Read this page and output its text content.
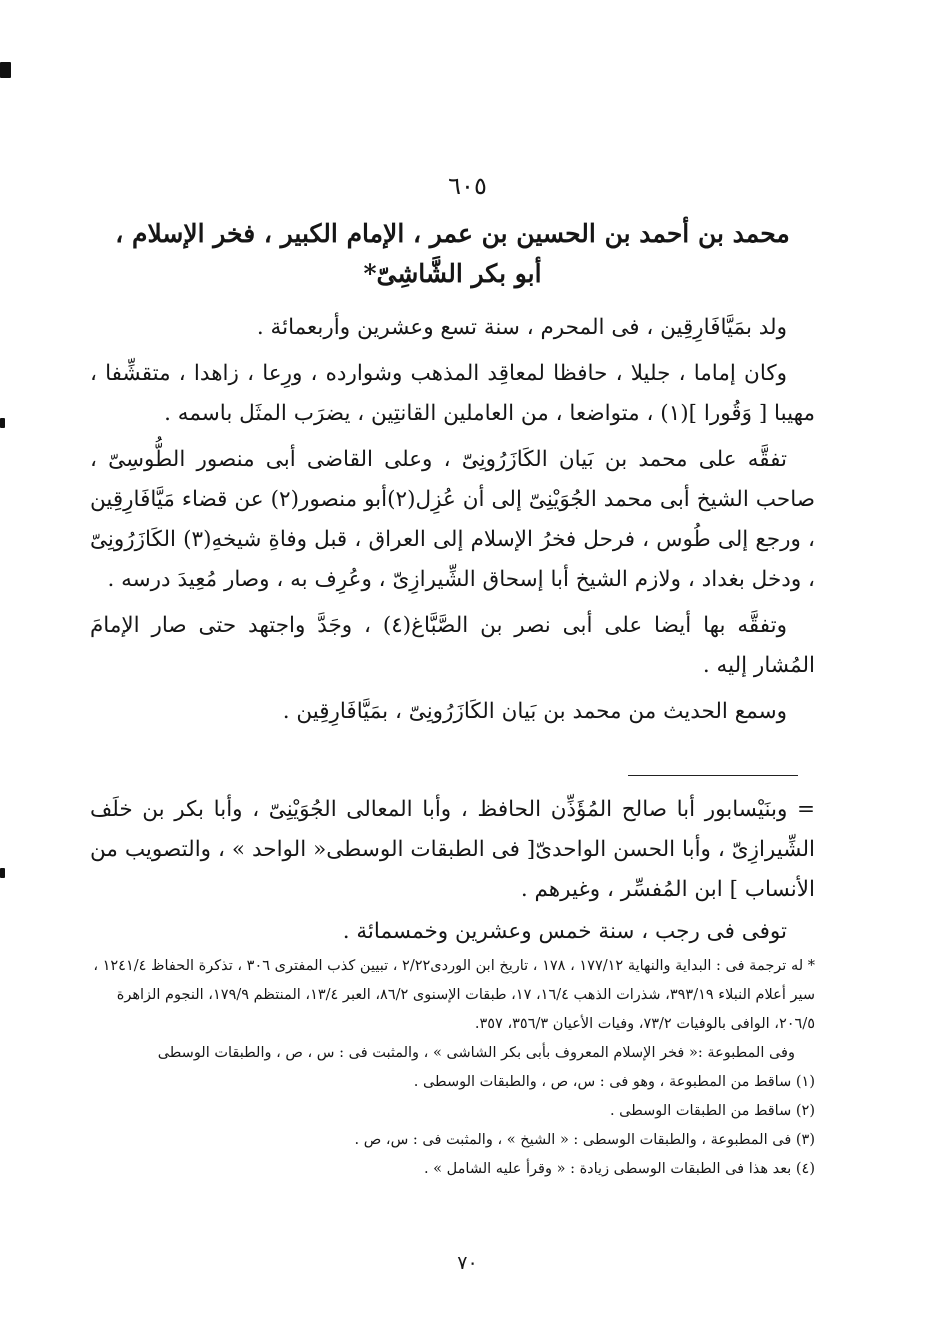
٦٠٥
محمد بن أحمد بن الحسين بن عمر ، الإمام الكبير ، فخر الإسلام ،
أبو بكر الشَّاشِىّ*

ولد بمَيَّافَارِقِين ، فى المحرم ، سنة تسع وعشرين وأربعمائة .

وكان إماما ، جليلا ، حافظا لمعاقِد المذهب وشوارده ، ورِعا ، زاهدا ، متقشِّفا ، مهيبا [ وَقُورا ](١) ، متواضعا ، من العاملين القانتِين ، يضرَب المثَل باسمه .

تفقَّه على محمد بن بَيان الكَازَرُونِىّ ، وعلى القاضى أبى منصور الطُّوسِىّ ، صاحب الشيخ أبى محمد الجُوَيْنِىّ إلى أن عُزِل(٢)أبو منصور(٢) عن قضاء مَيَّافَارِقِين ، ورجع إلى طُوس ، فرحل فخرُ الإسلام إلى العراق ، قبل وفاةِ شيخهِ(٣) الكَازَرُونِىّ ، ودخل بغداد ، ولازم الشيخ أبا إسحاق الشِّيرازِىّ ، وعُرِف به ، وصار مُعِيدَ درسه .

وتفقَّه بها أيضا على أبى نصر بن الصَّبَّاغ(٤) ، وجَدَّ واجتهد حتى صار الإمامَ المُشار إليه .

وسمع الحديث من محمد بن بَيان الكَازَرُونِىّ ، بمَيَّافَارِقِين .

= وبنَيْسابور أبا صالح المُؤَذِّن الحافظ ، وأبا المعالى الجُوَيْنِىّ ، وأبا بكر بن خلَف الشِّيرازِىّ ، وأبا الحسن الواحدىّ[ فى الطبقات الوسطى« الواحد » ، والتصويب من الأنساب ] ابن المُفسِّر ، وغيرهم .

توفى فى رجب ، سنة خمس وعشرين وخمسمائة .

* له ترجمة فى : البداية والنهاية ١٧٧/١٢ ، ١٧٨ ، تاريخ ابن الوردى٢/٢٢ ، تبيين كذب المفترى ٣٠٦ ، تذكرة الحفاظ ١٢٤١/٤ ، سير أعلام النبلاء ٣٩٣/١٩، شذرات الذهب ١٦/٤، ١٧، طبقات الإسنوى ٨٦/٢، العبر ١٣/٤، المنتظم ١٧٩/٩، النجوم الزاهرة ٢٠٦/٥، الوافى بالوفيات ٧٣/٢، وفيات الأعيان ٣٥٦/٣، ٣٥٧.

وفى المطبوعة :« فخر الإسلام المعروف بأبى بكر الشاشى » ، والمثبت فى : س ، ص ، والطبقات الوسطى

(١) ساقط من المطبوعة ، وهو فى : س، ص ، والطبقات الوسطى .

(٢) ساقط من الطبقات الوسطى .

(٣) فى المطبوعة ، والطبقات الوسطى : « الشيخ » ، والمثبت فى : س، ص .

(٤) بعد هذا فى الطبقات الوسطى زيادة : « وقرأ عليه الشامل » .

٧٠
